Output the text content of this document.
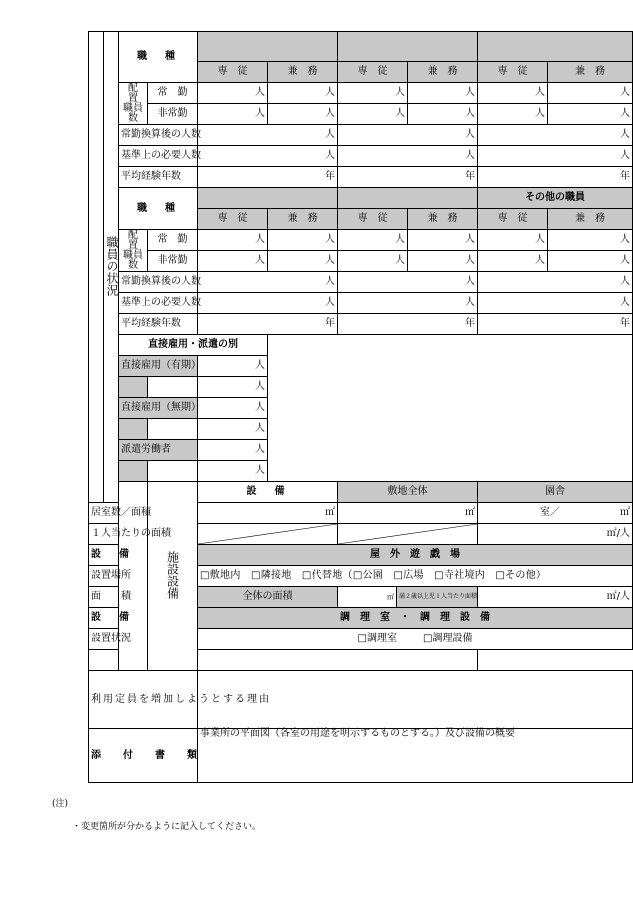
	職員の状況	職　種								
				専　従	兼　務	専　従	兼　務	専　従	兼　務	
		配　置
職員数	常　勤	人	人	人	人	人	人	
			非常勤	人	人	人	人	人	人	
		常勤換算後の人数		人		人		人		
		基準上の必要人数		人		人		人		
		平均経験年数		年		年		年		
		職　種						その他の職員		
				専　従	兼　務	専　従	兼　務	専　従	兼　務	
		配　置
職員数	常　勤	人	人	人	人	人	人	
			非常勤	人	人	人	人	人	人	
		常勤換算後の人数		人		人		人		
		基準上の必要人数		人		人		人		
		平均経験年数		年		年		年		
		直接雇用・派遣の別								
		直接雇用（有期）		人						
				人						
		直接雇用（無期）		人						
				人						
		派遣労働者		人						
				人						
			施設設備	設　備		敷地全体		園舎	
居室数／面積				㎡		㎡		室／ ㎡		
１人当たりの面積								㎡/人		
設　備				屋　外　遊　戯　場						
設置場所				□敷地内　□隣接地　□代替地（□公園　□広場　□寺社境内　□その他）						
面　　積				全体の面積		㎡ 満２歳以上児１人当たり面積		㎡/人		
設　備				調　理　室　・　調　理　設　備						
設置状況				□調理室 □調理設備						

利用定員を増加しようとする理由										
添　付　書　類				事業所の平面図（各室の用途を明示するものとする。）及び設備の概要						
(注)
・変更箇所が分かるように記入してください。
